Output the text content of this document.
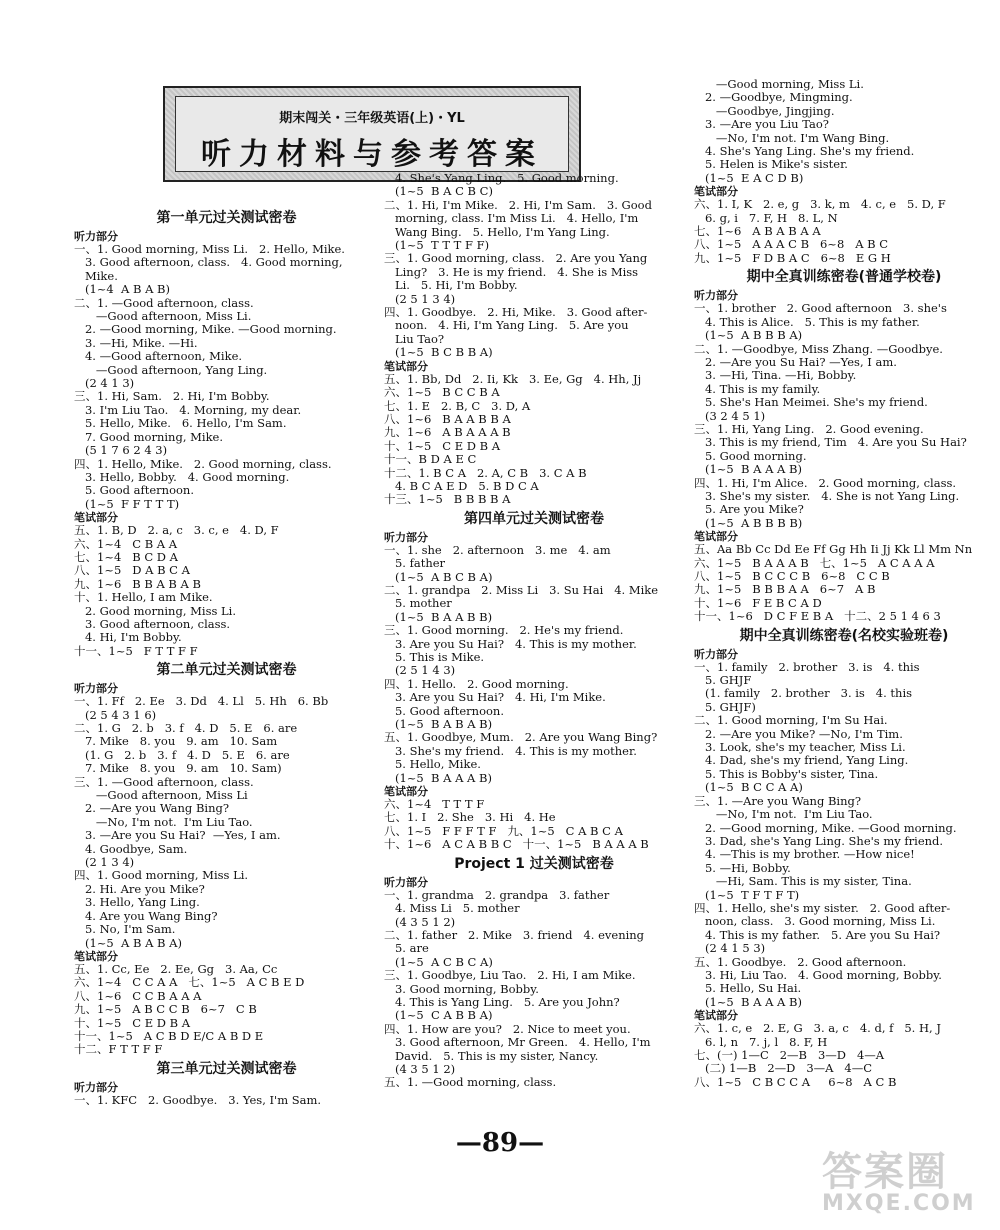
期末闯关・三年级英语(上)・YL
听力材料与参考答案
第一单元过关测试密卷
听力部分
一、1. Good morning, Miss Li.   2. Hello, Mike.
3. Good afternoon, class.   4. Good morning,
Mike.
(1~4  A B A B)
二、1. —Good afternoon, class.
—Good afternoon, Miss Li.
2. —Good morning, Mike. —Good morning.
3. —Hi, Mike. —Hi.
4. —Good afternoon, Mike.
—Good afternoon, Yang Ling.
(2 4 1 3)
三、1. Hi, Sam.   2. Hi, I'm Bobby.
3. I'm Liu Tao.   4. Morning, my dear.
5. Hello, Mike.   6. Hello, I'm Sam.
7. Good morning, Mike.
(5 1 7 6 2 4 3)
四、1. Hello, Mike.   2. Good morning, class.
3. Hello, Bobby.   4. Good morning.
5. Good afternoon.
(1~5  F F T T T)
笔试部分
五、1. B, D   2. a, c   3. c, e   4. D, F
六、1~4   C B A A
七、1~4   B C D A
八、1~5   D A B C A
九、1~6   B B A B A B
十、1. Hello, I am Mike.
2. Good morning, Miss Li.
3. Good afternoon, class.
4. Hi, I'm Bobby.
十一、1~5   F T T F F
第二单元过关测试密卷
听力部分
一、1. Ff   2. Ee   3. Dd   4. Ll   5. Hh   6. Bb
(2 5 4 3 1 6)
二、1. G   2. b   3. f   4. D   5. E   6. are
7. Mike   8. you   9. am   10. Sam
(1. G   2. b   3. f   4. D   5. E   6. are
7. Mike   8. you   9. am   10. Sam)
三、1. —Good afternoon, class.
—Good afternoon, Miss Li
2. —Are you Wang Bing?
—No, I'm not.  I'm Liu Tao.
3. —Are you Su Hai?  —Yes, I am.
4. Goodbye, Sam.
(2 1 3 4)
四、1. Good morning, Miss Li.
2. Hi. Are you Mike?
3. Hello, Yang Ling.
4. Are you Wang Bing?
5. No, I'm Sam.
(1~5  A B A B A)
笔试部分
五、1. Cc, Ee   2. Ee, Gg   3. Aa, Cc
六、1~4   C C A A   七、1~5   A C B E D
八、1~6   C C B A A A
九、1~5   A B C C B   6~7   C B
十、1~5   C E D B A
十一、1~5   A C B D E/C A B D E
十二、F T T F F
第三单元过关测试密卷
听力部分
一、1. KFC   2. Goodbye.   3. Yes, I'm Sam.
4. She's Yang Ling.   5. Good morning.
(1~5  B A C B C)
二、1. Hi, I'm Mike.   2. Hi, I'm Sam.   3. Good
morning, class. I'm Miss Li.   4. Hello, I'm
Wang Bing.   5. Hello, I'm Yang Ling.
(1~5  T T T F F)
三、1. Good morning, class.   2. Are you Yang
Ling?   3. He is my friend.   4. She is Miss
Li.   5. Hi, I'm Bobby.
(2 5 1 3 4)
四、1. Goodbye.   2. Hi, Mike.   3. Good after-
noon.   4. Hi, I'm Yang Ling.   5. Are you
Liu Tao?
(1~5  B C B B A)
笔试部分
五、1. Bb, Dd   2. Ii, Kk   3. Ee, Gg   4. Hh, Jj
六、1~5   B C C B A
七、1. E   2. B, C   3. D, A
八、1~6   B A A B B A
九、1~6   A B A A A B
十、1~5   C E D B A
十一、B D A E C
十二、1. B C A   2. A, C B   3. C A B
4. B C A E D   5. B D C A
十三、1~5   B B B B A
第四单元过关测试密卷
听力部分
一、1. she   2. afternoon   3. me   4. am
5. father
(1~5  A B C B A)
二、1. grandpa   2. Miss Li   3. Su Hai   4. Mike
5. mother
(1~5  B A A B B)
三、1. Good morning.   2. He's my friend.
3. Are you Su Hai?   4. This is my mother.
5. This is Mike.
(2 5 1 4 3)
四、1. Hello.   2. Good morning.
3. Are you Su Hai?   4. Hi, I'm Mike.
5. Good afternoon.
(1~5  B A B A B)
五、1. Goodbye, Mum.   2. Are you Wang Bing?
3. She's my friend.   4. This is my mother.
5. Hello, Mike.
(1~5  B A A A B)
笔试部分
六、1~4   T T T F
七、1. I   2. She   3. Hi   4. He
八、1~5   F F F T F   九、1~5   C A B C A
十、1~6   A C A B B C   十一、1~5   B A A A B
Project 1 过关测试密卷
听力部分
一、1. grandma   2. grandpa   3. father
4. Miss Li   5. mother
(4 3 5 1 2)
二、1. father   2. Mike   3. friend   4. evening
5. are
(1~5  A C B C A)
三、1. Goodbye, Liu Tao.   2. Hi, I am Mike.
3. Good morning, Bobby.
4. This is Yang Ling.   5. Are you John?
(1~5  C A B B A)
四、1. How are you?   2. Nice to meet you.
3. Good afternoon, Mr Green.   4. Hello, I'm
David.   5. This is my sister, Nancy.
(4 3 5 1 2)
五、1. —Good morning, class.
—Good morning, Miss Li.
2. —Goodbye, Mingming.
—Goodbye, Jingjing.
3. —Are you Liu Tao?
—No, I'm not. I'm Wang Bing.
4. She's Yang Ling. She's my friend.
5. Helen is Mike's sister.
(1~5  E A C D B)
笔试部分
六、1. I, K   2. e, g   3. k, m   4. c, e   5. D, F
6. g, i   7. F, H   8. L, N
七、1~6   A B A B A A
八、1~5   A A A C B   6~8   A B C
九、1~5   F D B A C   6~8   E G H
期中全真训练密卷(普通学校卷)
听力部分
一、1. brother   2. Good afternoon   3. she's
4. This is Alice.   5. This is my father.
(1~5  A B B B A)
二、1. —Goodbye, Miss Zhang. —Goodbye.
2. —Are you Su Hai? —Yes, I am.
3. —Hi, Tina. —Hi, Bobby.
4. This is my family.
5. She's Han Meimei. She's my friend.
(3 2 4 5 1)
三、1. Hi, Yang Ling.   2. Good evening.
3. This is my friend, Tim   4. Are you Su Hai?
5. Good morning.
(1~5  B A A A B)
四、1. Hi, I'm Alice.   2. Good morning, class.
3. She's my sister.   4. She is not Yang Ling.
5. Are you Mike?
(1~5  A B B B B)
笔试部分
五、Aa Bb Cc Dd Ee Ff Gg Hh Ii Jj Kk Ll Mm Nn
六、1~5   B A A A B   七、1~5   A C A A A
八、1~5   B C C C B   6~8   C C B
九、1~5   B B B A A   6~7   A B
十、1~6   F E B C A D
十一、1~6   D C F E B A   十二、2 5 1 4 6 3
期中全真训练密卷(名校实验班卷)
听力部分
一、1. family   2. brother   3. is   4. this
5. GHJF
(1. family   2. brother   3. is   4. this
5. GHJF)
二、1. Good morning, I'm Su Hai.
2. —Are you Mike? —No, I'm Tim.
3. Look, she's my teacher, Miss Li.
4. Dad, she's my friend, Yang Ling.
5. This is Bobby's sister, Tina.
(1~5  B C C A A)
三、1. —Are you Wang Bing?
—No, I'm not.  I'm Liu Tao.
2. —Good morning, Mike. —Good morning.
3. Dad, she's Yang Ling. She's my friend.
4. —This is my brother. —How nice!
5. —Hi, Bobby.
—Hi, Sam. This is my sister, Tina.
(1~5  T F T F T)
四、1. Hello, she's my sister.   2. Good after-
noon, class.   3. Good morning, Miss Li.
4. This is my father.   5. Are you Su Hai?
(2 4 1 5 3)
五、1. Goodbye.   2. Good afternoon.
3. Hi, Liu Tao.   4. Good morning, Bobby.
5. Hello, Su Hai.
(1~5  B A A A B)
笔试部分
六、1. c, e   2. E, G   3. a, c   4. d, f   5. H, J
6. l, n   7. j, l   8. F, H
七、(一) 1—C   2—B   3—D   4—A
(二) 1—B   2—D   3—A   4—C
八、1~5   C B C C A     6~8   A C B
—89—
答案圈
MXQE.COM
